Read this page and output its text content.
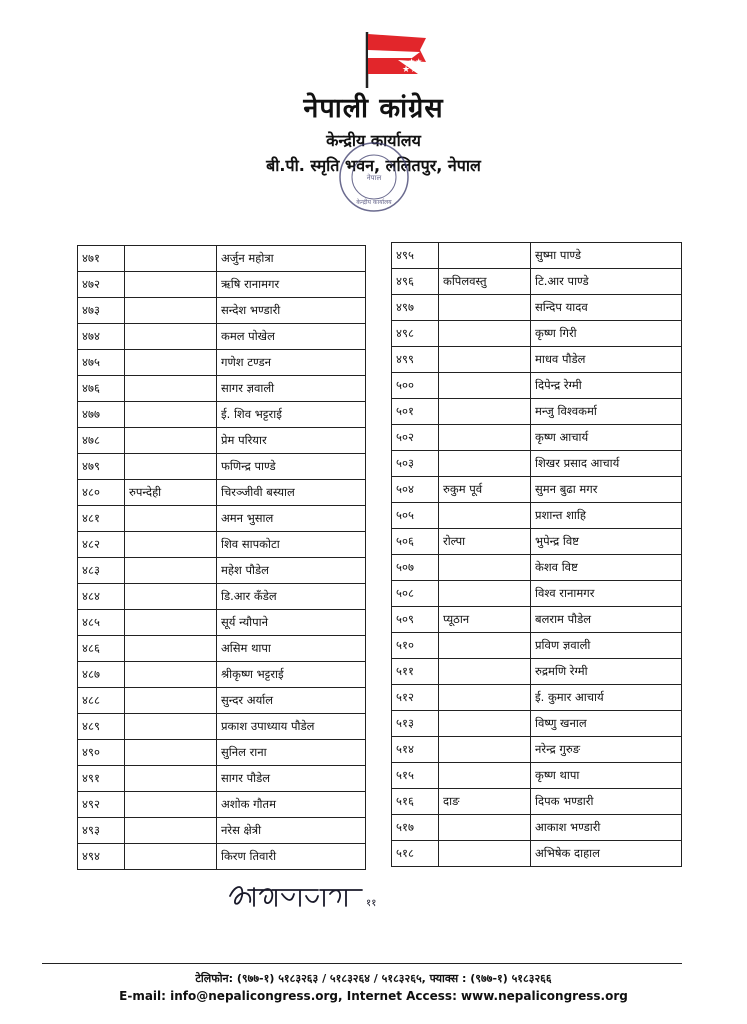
★★
★★
नेपाली कांग्रेस
केन्द्रीय कार्यालय
बी.पी. स्मृति भवन, ललितपुर, नेपाल
नेपाल
केन्द्रीय कार्यालय
४७१		अर्जुन महोत्रा
४७२		ऋषि रानामगर
४७३		सन्देश भण्डारी
४७४		कमल पोखेल
४७५		गणेश टण्डन
४७६		सागर ज्ञवाली
४७७		ई. शिव भट्टराई
४७८		प्रेम परियार
४७९		फणिन्द्र पाण्डे
४८०	रुपन्देही	चिरञ्जीवी बस्याल
४८१		अमन भुसाल
४८२		शिव सापकोटा
४८३		महेश पौडेल
४८४		डि.आर कँडेल
४८५		सूर्य न्यौपाने
४८६		असिम थापा
४८७		श्रीकृष्ण भट्टराई
४८८		सुन्दर अर्याल
४८९		प्रकाश उपाध्याय पौडेल
४९०		सुनिल राना
४९१		सागर पौडेल
४९२		अशोक गौतम
४९३		नरेस क्षेत्री
४९४		किरण तिवारी
४९५		सुष्मा पाण्डे
४९६	कपिलवस्तु	टि.आर पाण्डे
४९७		सन्दिप यादव
४९८		कृष्ण गिरी
४९९		माधव पौडेल
५००		दिपेन्द्र रेग्मी
५०१		मन्जु विश्वकर्मा
५०२		कृष्ण आचार्य
५०३		शिखर प्रसाद आचार्य
५०४	रुकुम पूर्व	सुमन बुढा मगर
५०५		प्रशान्त शाहि
५०६	रोल्पा	भुपेन्द्र विष्ट
५०७		केशव विष्ट
५०८		विश्व रानामगर
५०९	प्यूठान	बलराम पौडेल
५१०		प्रविण ज्ञवाली
५११		रुद्रमणि रेग्मी
५१२		ई. कुमार आचार्य
५१३		विष्णु खनाल
५१४		नरेन्द्र गुरुङ
५१५		कृष्ण थापा
५१६	दाङ	दिपक भण्डारी
५१७		आकाश भण्डारी
५१८		अभिषेक दाहाल
११
टेलिफोन: (९७७-१) ५१८३२६३ / ५१८३२६४ / ५१८३२६५, फ्याक्स : (९७७-१) ५१८३२६६
E-mail: info@nepalicongress.org, Internet Access: www.nepalicongress.org
